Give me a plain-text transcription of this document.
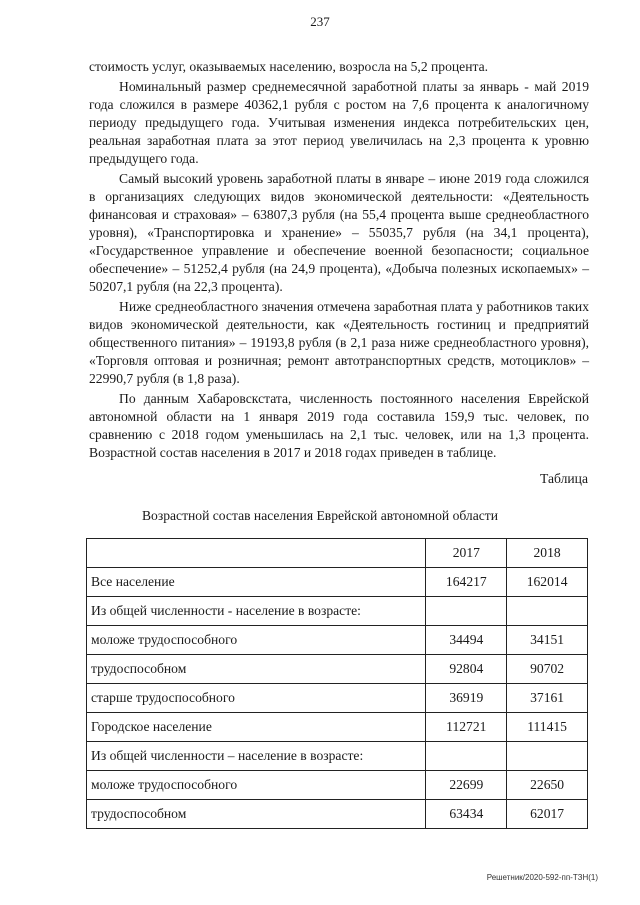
237

стоимость услуг, оказываемых населению, возросла на 5,2 процента.

Номинальный размер среднемесячной заработной платы за январь - май 2019 года сложился в размере 40362,1 рубля с ростом на 7,6 процента к аналогичному периоду предыдущего года. Учитывая изменения индекса потребительских цен, реальная заработная плата за этот период увеличилась на 2,3 процента к уровню предыдущего года.

Самый высокий уровень заработной платы в январе – июне 2019 года сложился в организациях следующих видов экономической деятельности: «Деятельность финансовая и страховая» – 63807,3 рубля (на 55,4 процента выше среднеобластного уровня), «Транспортировка и хранение» – 55035,7 рубля (на 34,1 процента), «Государственное управление и обеспечение военной безопасности; социальное обеспечение» – 51252,4 рубля (на 24,9 процента), «Добыча полезных ископаемых» – 50207,1 рубля (на 22,3 процента).

Ниже среднеобластного значения отмечена заработная плата у работников таких видов экономической деятельности, как «Деятельность гостиниц и предприятий общественного питания» – 19193,8 рубля (в 2,1 раза ниже среднеобластного уровня), «Торговля оптовая и розничная; ремонт автотранспортных средств, мотоциклов» – 22990,7 рубля (в 1,8 раза).

По данным Хабаровскстата, численность постоянного населения Еврейской автономной области на 1 января 2019 года составила 159,9 тыс. человек, по сравнению с 2018 годом уменьшилась на 2,1 тыс. человек, или на 1,3 процента. Возрастной состав населения в 2017 и 2018 годах приведен в таблице.

Таблица
Возрастной состав населения Еврейской автономной области
	2017	2018
Все население	164217	162014
Из общей численности - население в возрасте:		
моложе трудоспособного	34494	34151
трудоспособном	92804	90702
старше трудоспособного	36919	37161
Городское население	112721	111415
Из общей численности – население в возрасте:		
моложе трудоспособного	22699	22650
трудоспособном	63434	62017
Решетник/2020-592-пп-ТЗН(1)
